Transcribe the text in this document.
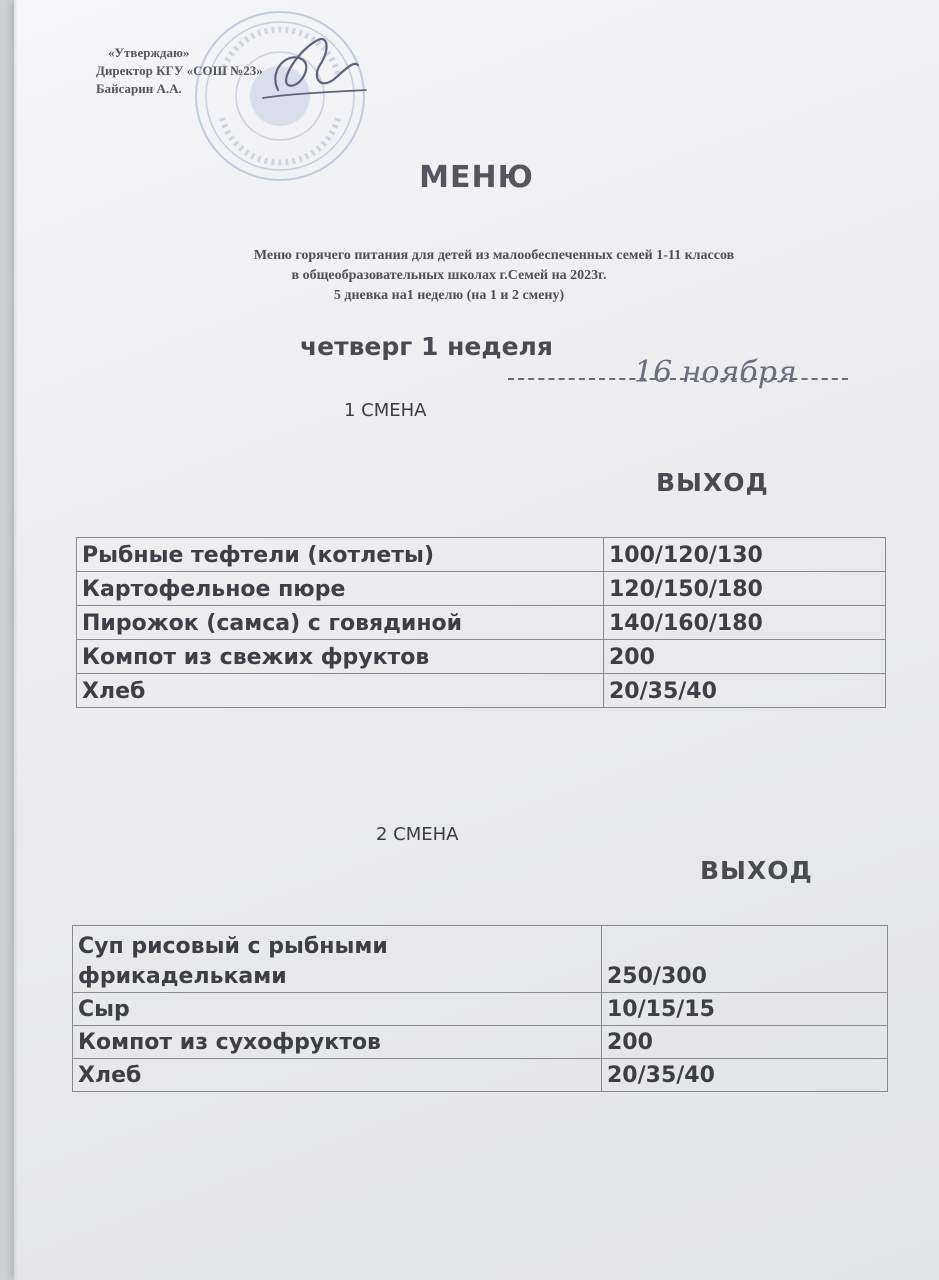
«Утверждаю»
Директор КГУ «СОШ №23»
Байсарин А.А.
МЕНЮ
Меню горячего питания для детей из малообеспеченных семей 1-11 классов
в общеобразовательных школах г.Семей на 2023г.
5 дневка на1 неделю (на 1 и 2 смену)
четверг 1 неделя
16 ноября
1 СМЕНА
ВЫХОД
Рыбные тефтели (котлеты)	100/120/130
Картофельное пюре	120/150/180
Пирожок (самса) с говядиной	140/160/180
Компот из свежих фруктов	200
Хлеб	20/35/40
2 СМЕНА
ВЫХОД
Суп рисовый с рыбными
фрикадельками	250/300
Сыр	10/15/15
Компот из сухофруктов	200
Хлеб	20/35/40
